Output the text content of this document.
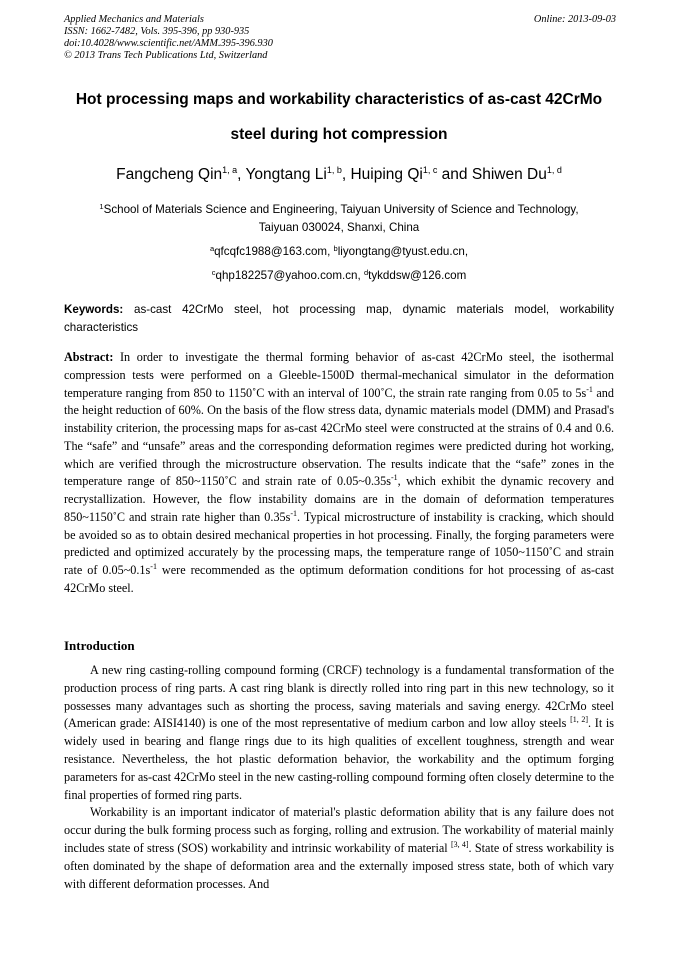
Applied Mechanics and Materials
ISSN: 1662-7482, Vols. 395-396, pp 930-935
doi:10.4028/www.scientific.net/AMM.395-396.930
© 2013 Trans Tech Publications Ltd, Switzerland
Online: 2013-09-03
Hot processing maps and workability characteristics of as-cast 42CrMo
steel during hot compression
Fangcheng Qin$^{1, a}$, Yongtang Li$^{1, b}$, Huiping Qi$^{1, c}$ and Shiwen Du$^{1, d}$
$^1$School of Materials Science and Engineering, Taiyuan University of Science and Technology,
Taiyuan 030024, Shanxi, China
$^a$qfcqfc1988@163.com, $^b$liyongtang@tyust.edu.cn,
$^c$qhp182257@yahoo.com.cn, $^d$tykddsw@126.com
Keywords: as-cast 42CrMo steel, hot processing map, dynamic materials model, workability characteristics
Abstract: In order to investigate the thermal forming behavior of as-cast 42CrMo steel, the isothermal compression tests were performed on a Gleeble-1500D thermal-mechanical simulator in the deformation temperature ranging from 850 to 1150˚C with an interval of 100˚C, the strain rate ranging from 0.05 to $5s^{-1}$ and the height reduction of 60%. On the basis of the flow stress data, dynamic materials model (DMM) and Prasad's instability criterion, the processing maps for as-cast 42CrMo steel were constructed at the strains of 0.4 and 0.6. The “safe” and “unsafe” areas and the corresponding deformation regimes were predicted during hot working, which are verified through the microstructure observation. The results indicate that the “safe” zones in the temperature range of 850~1150˚C and strain rate of $0.05\sim 0.35s^{-1}$, which exhibit the dynamic recovery and recrystallization. However, the flow instability domains are in the domain of deformation temperatures 850~1150˚C and strain rate higher than $0.35s^{-1}$. Typical microstructure of instability is cracking, which should be avoided so as to obtain desired mechanical properties in hot processing. Finally, the forging parameters were predicted and optimized accurately by the processing maps, the temperature range of 1050~1150˚C and strain rate of $0.05\sim 0.1s^{-1}$ were recommended as the optimum deformation conditions for hot processing of as-cast 42CrMo steel.
Introduction

A new ring casting-rolling compound forming (CRCF) technology is a fundamental transformation of the production process of ring parts. A cast ring blank is directly rolled into ring part in this new technology, so it possesses many advantages such as shorting the process, saving materials and saving energy. 42CrMo steel (American grade: AISI4140) is one of the most representative of medium carbon and low alloy steels [1, 2]. It is widely used in bearing and flange rings due to its high qualities of excellent toughness, strength and wear resistance. Nevertheless, the hot plastic deformation behavior, the workability and the optimum forging parameters for as-cast 42CrMo steel in the new casting-rolling compound forming often closely determine to the final properties of formed ring parts.

Workability is an important indicator of material's plastic deformation ability that is any failure does not occur during the bulk forming process such as forging, rolling and extrusion. The workability of material mainly includes state of stress (SOS) workability and intrinsic workability of material [3, 4]. State of stress workability is often dominated by the shape of deformation area and the externally imposed stress state, both of which vary with different deformation processes. And
